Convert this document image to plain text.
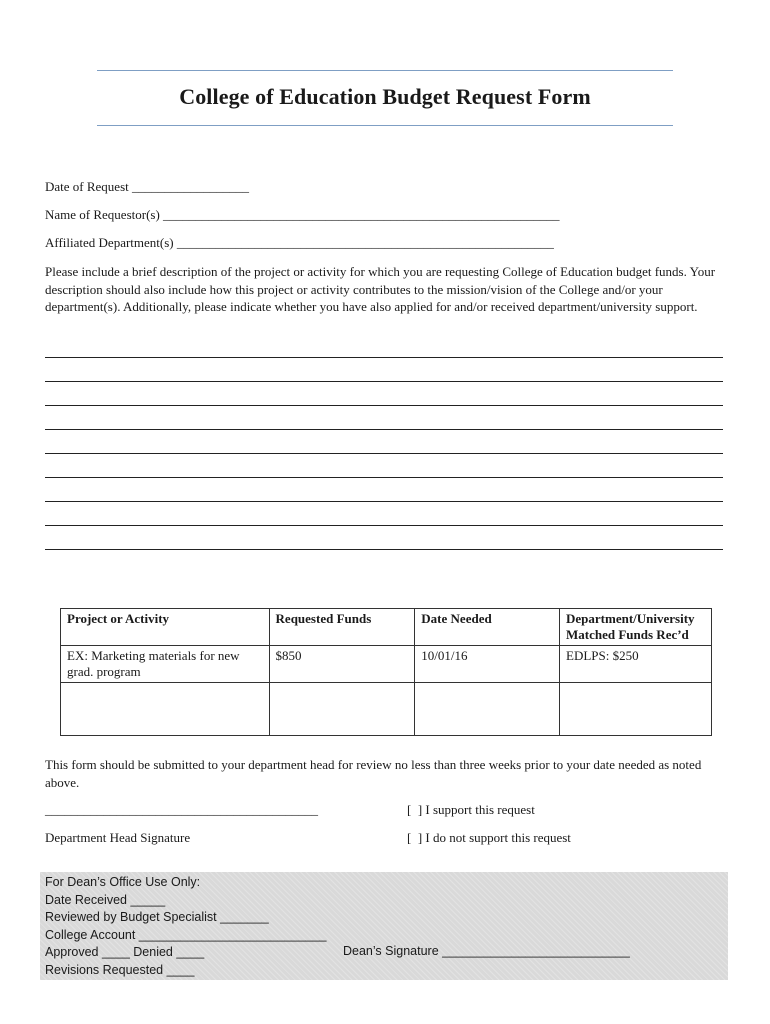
College of Education Budget Request Form
Date of Request __________________
Name of Requestor(s) _____________________________________________________________
Affiliated Department(s) __________________________________________________________
Please include a brief description of the project or activity for which you are requesting College of Education budget funds. Your description should also include how this project or activity contributes to the mission/vision of the College and/or your department(s). Additionally, please indicate whether you have also applied for and/or received department/university support.
Project or Activity	Requested Funds	Date Needed	Department/University Matched Funds Rec’d
EX: Marketing materials for new grad. program	$850	10/01/16	EDLPS: $250

This form should be submitted to your department head for review no less than three weeks prior to your date needed as noted above.
__________________________________________	[  ] I support this request
Department Head Signature	[  ] I do not support this request
For Dean’s Office Use Only:
Date Received _____
Reviewed by Budget Specialist _______
College Account ___________________________
Approved ____ Denied ____	Dean’s Signature ___________________________
Revisions Requested ____
